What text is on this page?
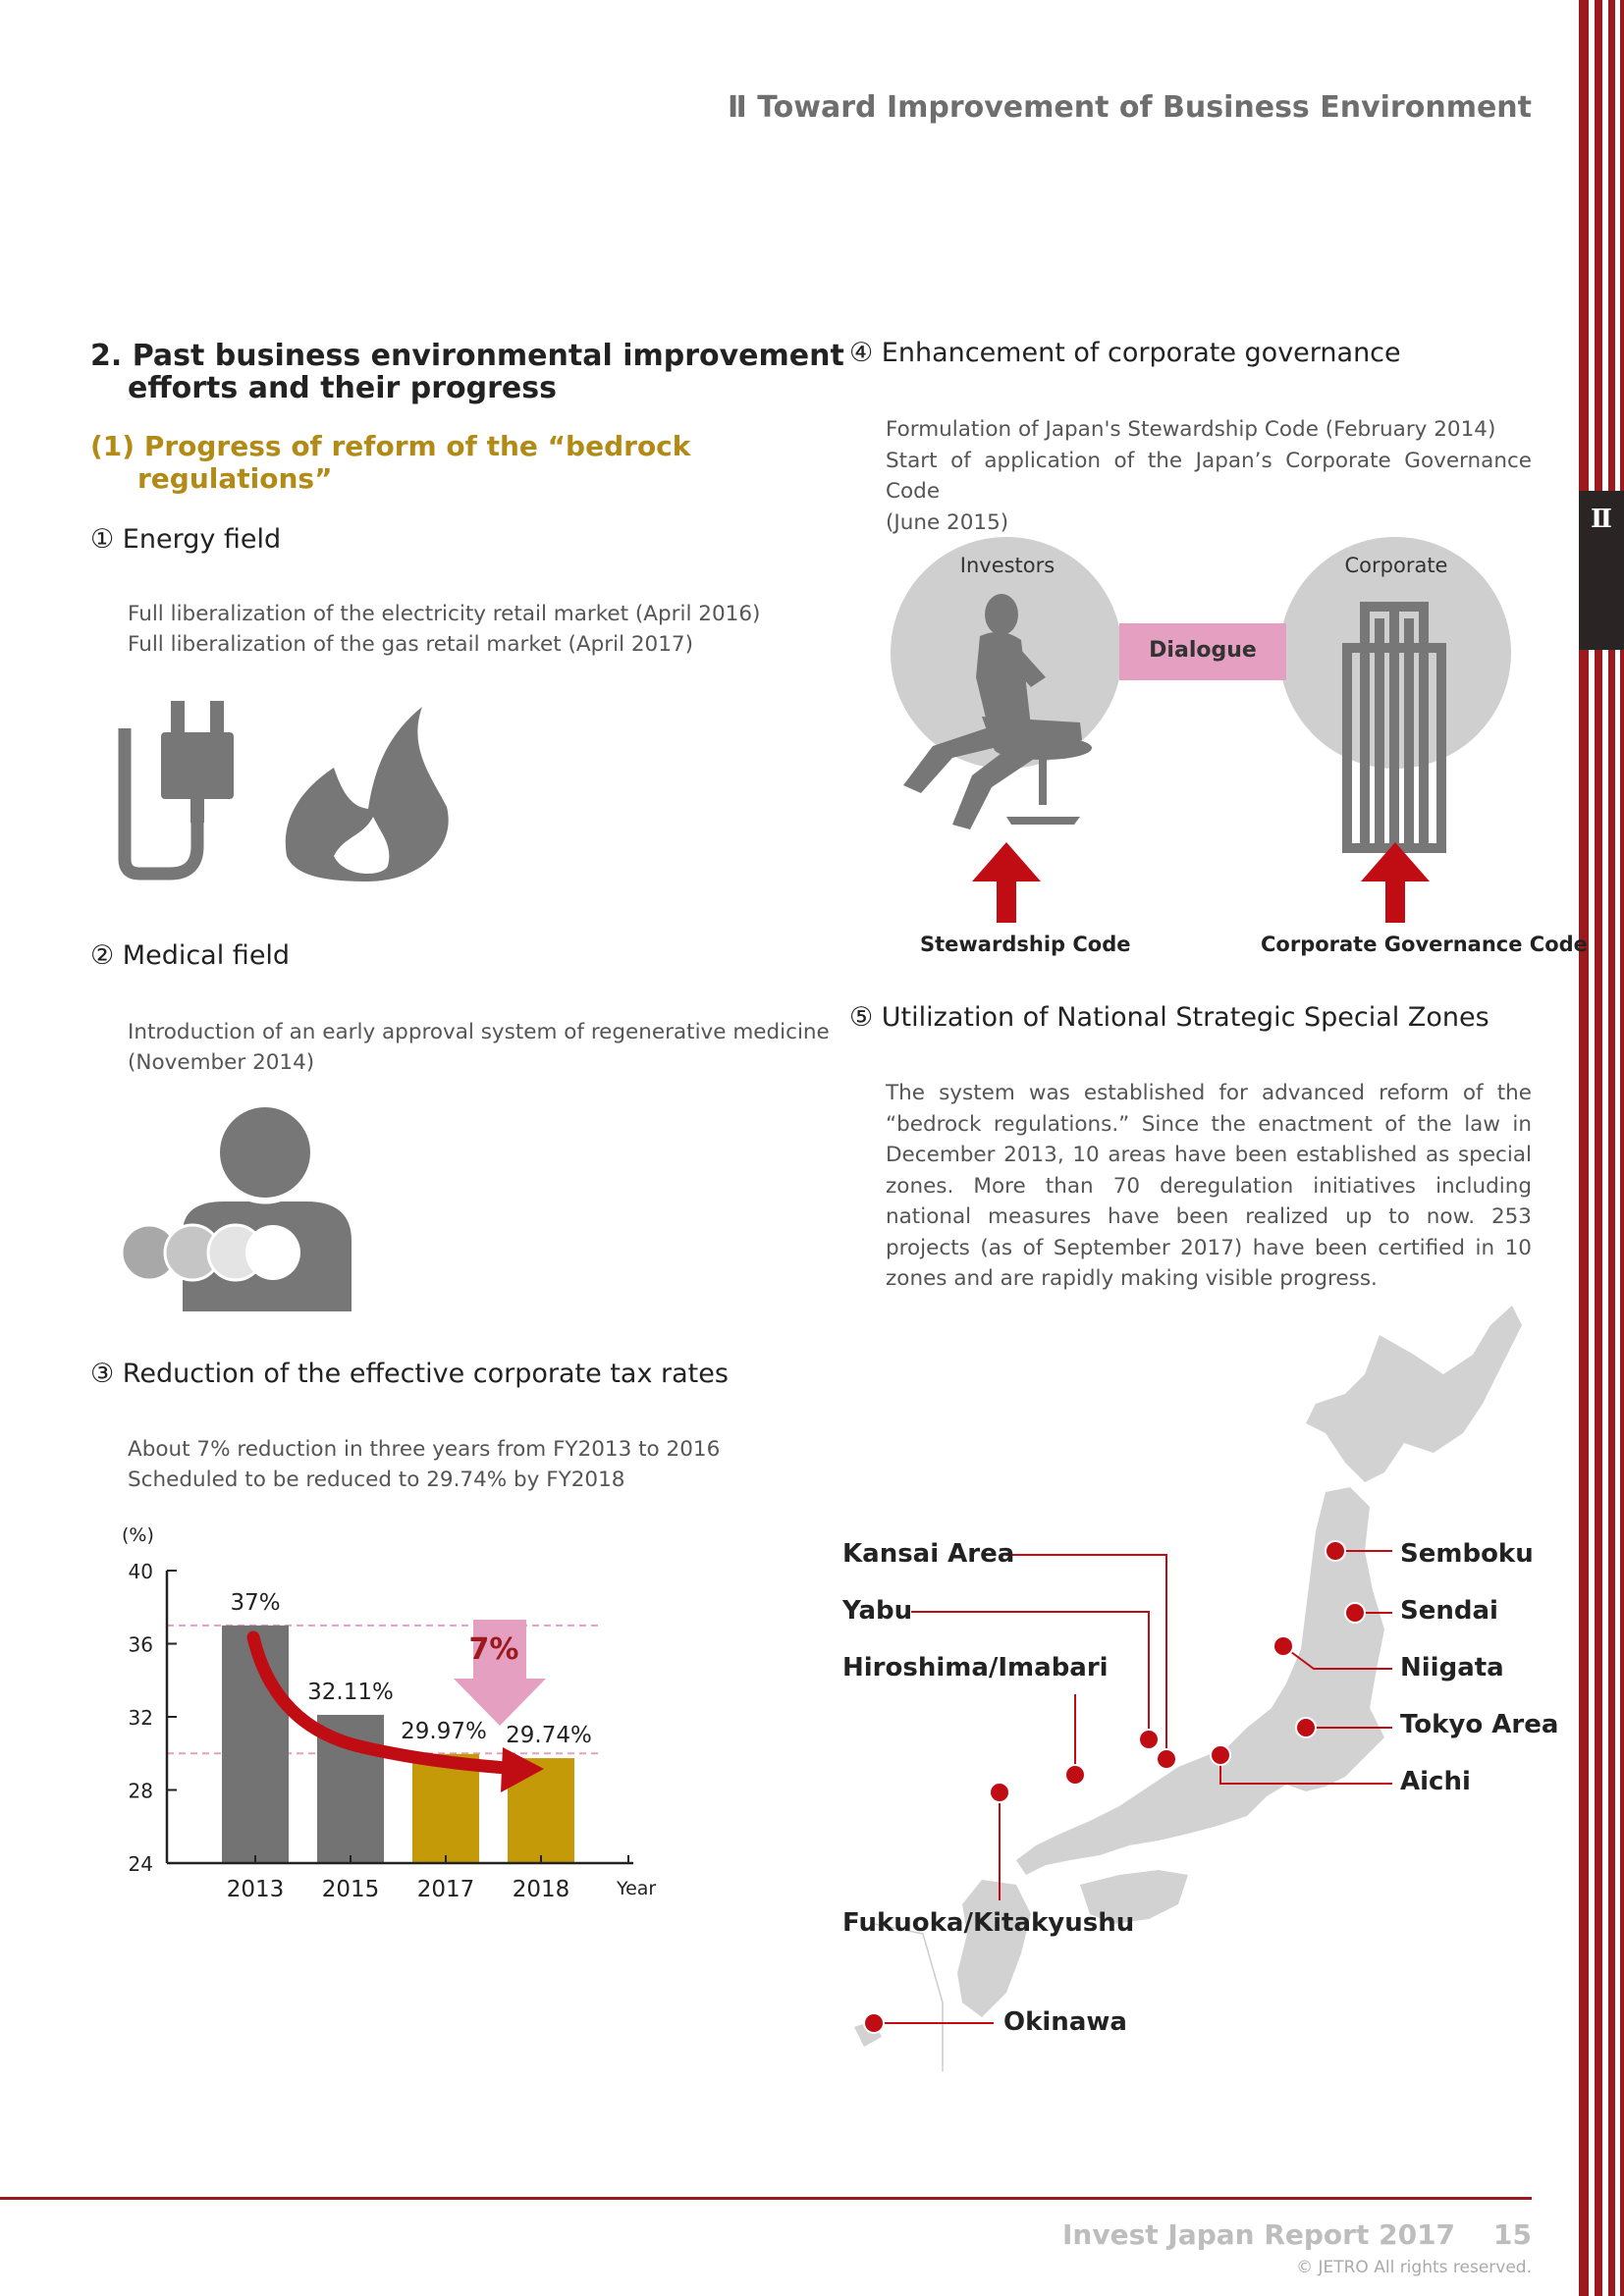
Ⅱ
Ⅱ Toward Improvement of Business Environment
2. Past business environmental improvement
efforts and their progress
(1) Progress of reform of the “bedrock
regulations”
① Energy field
Full liberalization of the electricity retail market (April 2016)
Full liberalization of the gas retail market (April 2017)
② Medical field
Introduction of an early approval system of regenerative medicine
(November 2014)
③ Reduction of the effective corporate tax rates
About 7% reduction in three years from FY2013 to 2016
Scheduled to be reduced to 29.74% by FY2018
24
28
32
36
40
2013 2015 2017 2018	Year
(%)
7%
37%
32.11%
29.97% 29.74%
④ Enhancement of corporate governance
Formulation of Japan's Stewardship Code (February 2014)
Start of application of the Japan’s Corporate Governance Code
(June 2015)
Investors	Corporate
Dialogue
Stewardship Code	Corporate Governance Code
⑤ Utilization of National Strategic Special Zones
The system was established for advanced reform of the “bedrock regulations.” Since the enactment of the law in December 2013, 10 areas have been established as special zones. More than 70 deregulation initiatives including national measures have been realized up to now. 253 projects (as of September 2017) have been certified in 10 zones and are rapidly making visible progress.
Kansai Area
Yabu
Hiroshima/Imabari
Fukuoka/Kitakyushu
Okinawa
Semboku
Sendai
Niigata
Tokyo Area
Aichi
Invest Japan Report 2017    15
© JETRO All rights reserved.
